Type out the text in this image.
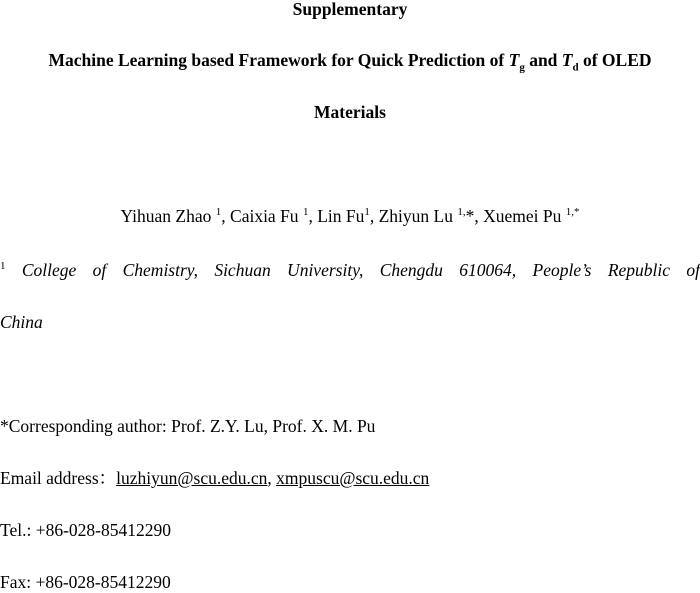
Supplementary
Machine Learning based Framework for Quick Prediction of $T_g$ and $T_d$ of OLED
Materials
Yihuan Zhao $^1$, Caixia Fu $^1$, Lin Fu$^1$, Zhiyun Lu $^{1,}$*, Xuemei Pu $^{1,*}$
$^1$ College of Chemistry, Sichuan University, Chengdu 610064, People’s Republic of
China
*Corresponding author: Prof. Z.Y. Lu, Prof. X. M. Pu
Email address：luzhiyun@scu.edu.cn, xmpuscu@scu.edu.cn
Tel.: +86-028-85412290
Fax: +86-028-85412290
